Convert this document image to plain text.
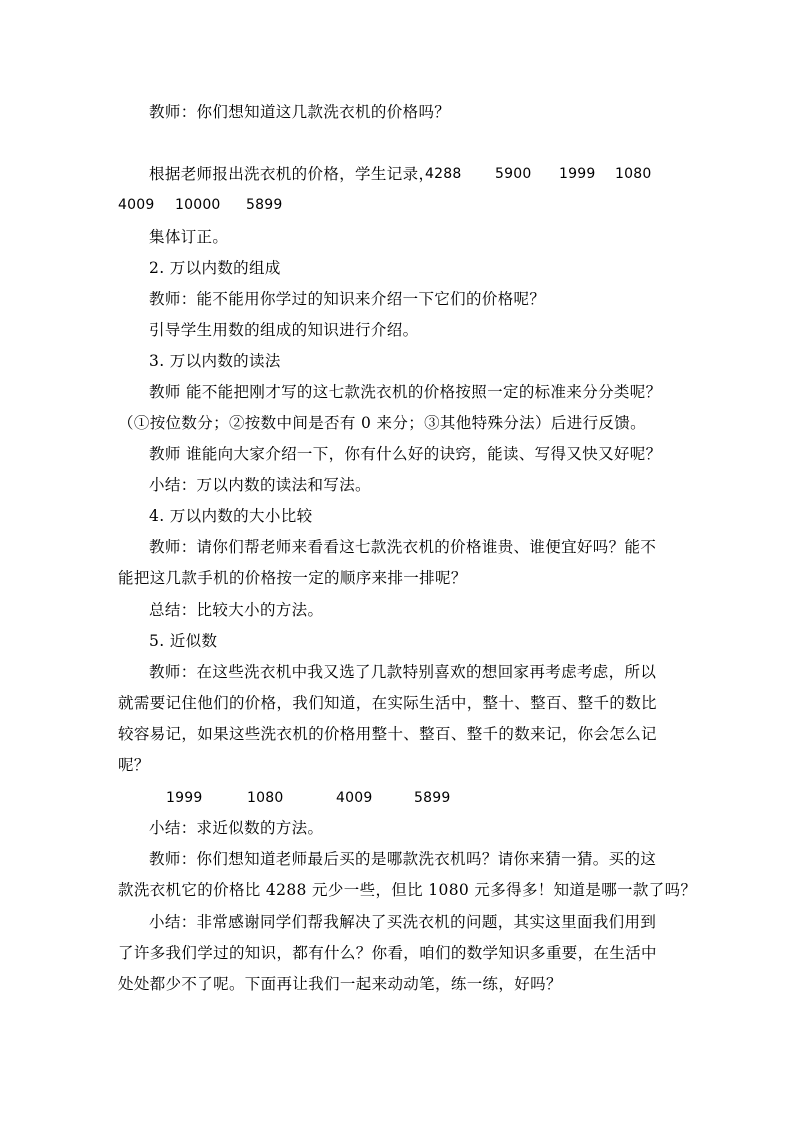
教师：你们想知道这几款洗衣机的价格吗？
根据老师报出洗衣机的价格，学生记录，
4288 5900 1999 1080
4009 10000 5899
集体订正。
2. 万以内数的组成
教师：能不能用你学过的知识来介绍一下它们的价格呢？
引导学生用数的组成的知识进行介绍。
3. 万以内数的读法
教师 能不能把刚才写的这七款洗衣机的价格按照一定的标准来分分类呢？
（①按位数分；②按数中间是否有 0 来分；③其他特殊分法）后进行反馈。
教师 谁能向大家介绍一下，你有什么好的诀窍，能读、写得又快又好呢？
小结：万以内数的读法和写法。
4. 万以内数的大小比较
教师：请你们帮老师来看看这七款洗衣机的价格谁贵、谁便宜好吗？能不
能把这几款手机的价格按一定的顺序来排一排呢？
总结：比较大小的方法。
5. 近似数
教师：在这些洗衣机中我又选了几款特别喜欢的想回家再考虑考虑，所以
就需要记住他们的价格，我们知道，在实际生活中，整十、整百、整千的数比
较容易记，如果这些洗衣机的价格用整十、整百、整千的数来记，你会怎么记
呢？
1999	1080	4009	5899
小结：求近似数的方法。
教师：你们想知道老师最后买的是哪款洗衣机吗？请你来猜一猜。买的这
款洗衣机它的价格比 4288 元少一些，但比 1080 元多得多！知道是哪一款了吗？
小结：非常感谢同学们帮我解决了买洗衣机的问题，其实这里面我们用到
了许多我们学过的知识，都有什么？你看，咱们的数学知识多重要，在生活中
处处都少不了呢。下面再让我们一起来动动笔，练一练，好吗？
